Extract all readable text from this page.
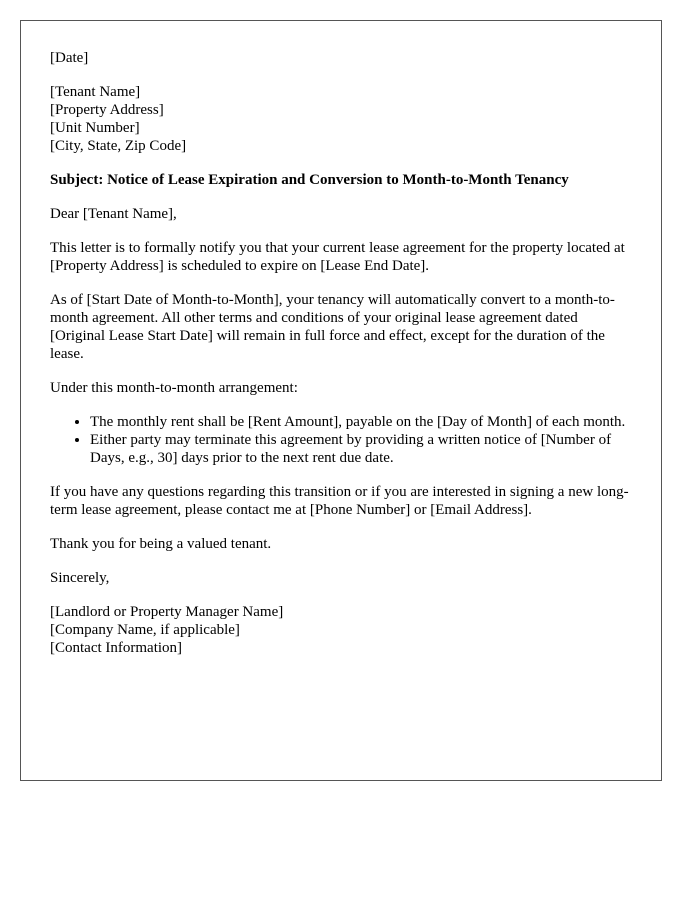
[Date]
[Tenant Name]
[Property Address]
[Unit Number]
[City, State, Zip Code]
Subject: Notice of Lease Expiration and Conversion to Month-to-Month Tenancy

Dear [Tenant Name],

This letter is to formally notify you that your current lease agreement for the property located at [Property Address] is scheduled to expire on [Lease End Date].

As of [Start Date of Month-to-Month], your tenancy will automatically convert to a month-to-month agreement. All other terms and conditions of your original lease agreement dated [Original Lease Start Date] will remain in full force and effect, except for the duration of the lease.

Under this month-to-month arrangement:

• The monthly rent shall be [Rent Amount], payable on the [Day of Month] of each month.
• Either party may terminate this agreement by providing a written notice of [Number of Days, e.g., 30] days prior to the next rent due date.

If you have any questions regarding this transition or if you are interested in signing a new long-term lease agreement, please contact me at [Phone Number] or [Email Address].

Thank you for being a valued tenant.

Sincerely,

[Landlord or Property Manager Name]
[Company Name, if applicable]
[Contact Information]
